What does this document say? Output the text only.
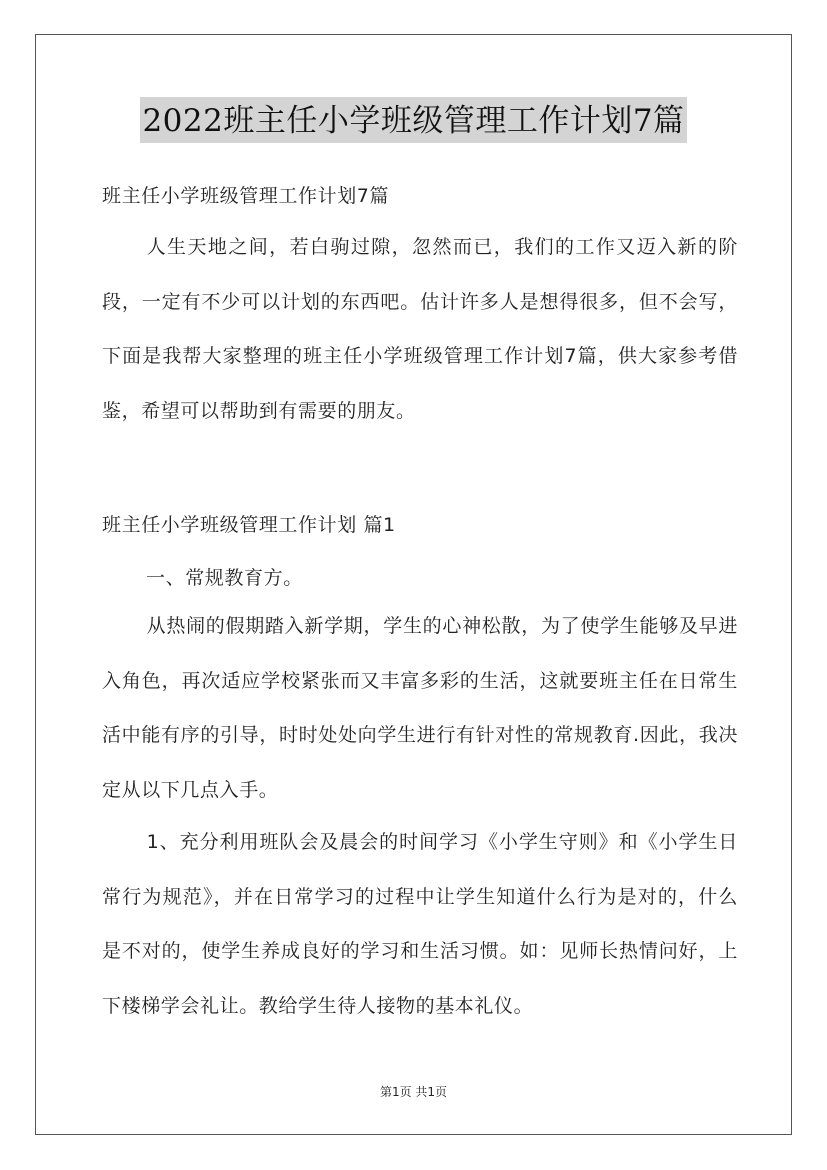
2022班主任小学班级管理工作计划7篇
班主任小学班级管理工作计划7篇
人生天地之间，若白驹过隙，忽然而已，我们的工作又迈入新的阶段，一定有不少可以计划的东西吧。估计许多人是想得很多，但不会写，下面是我帮大家整理的班主任小学班级管理工作计划7篇，供大家参考借鉴，希望可以帮助到有需要的朋友。
班主任小学班级管理工作计划 篇1
一、常规教育方。
从热闹的假期踏入新学期，学生的心神松散，为了使学生能够及早进入角色，再次适应学校紧张而又丰富多彩的生活，这就要班主任在日常生活中能有序的引导，时时处处向学生进行有针对性的常规教育.因此，我决定从以下几点入手。
1、充分利用班队会及晨会的时间学习《小学生守则》和《小学生日常行为规范》，并在日常学习的过程中让学生知道什么行为是对的，什么是不对的，使学生养成良好的学习和生活习惯。如：见师长热情问好，上下楼梯学会礼让。教给学生待人接物的基本礼仪。
第1页 共1页
